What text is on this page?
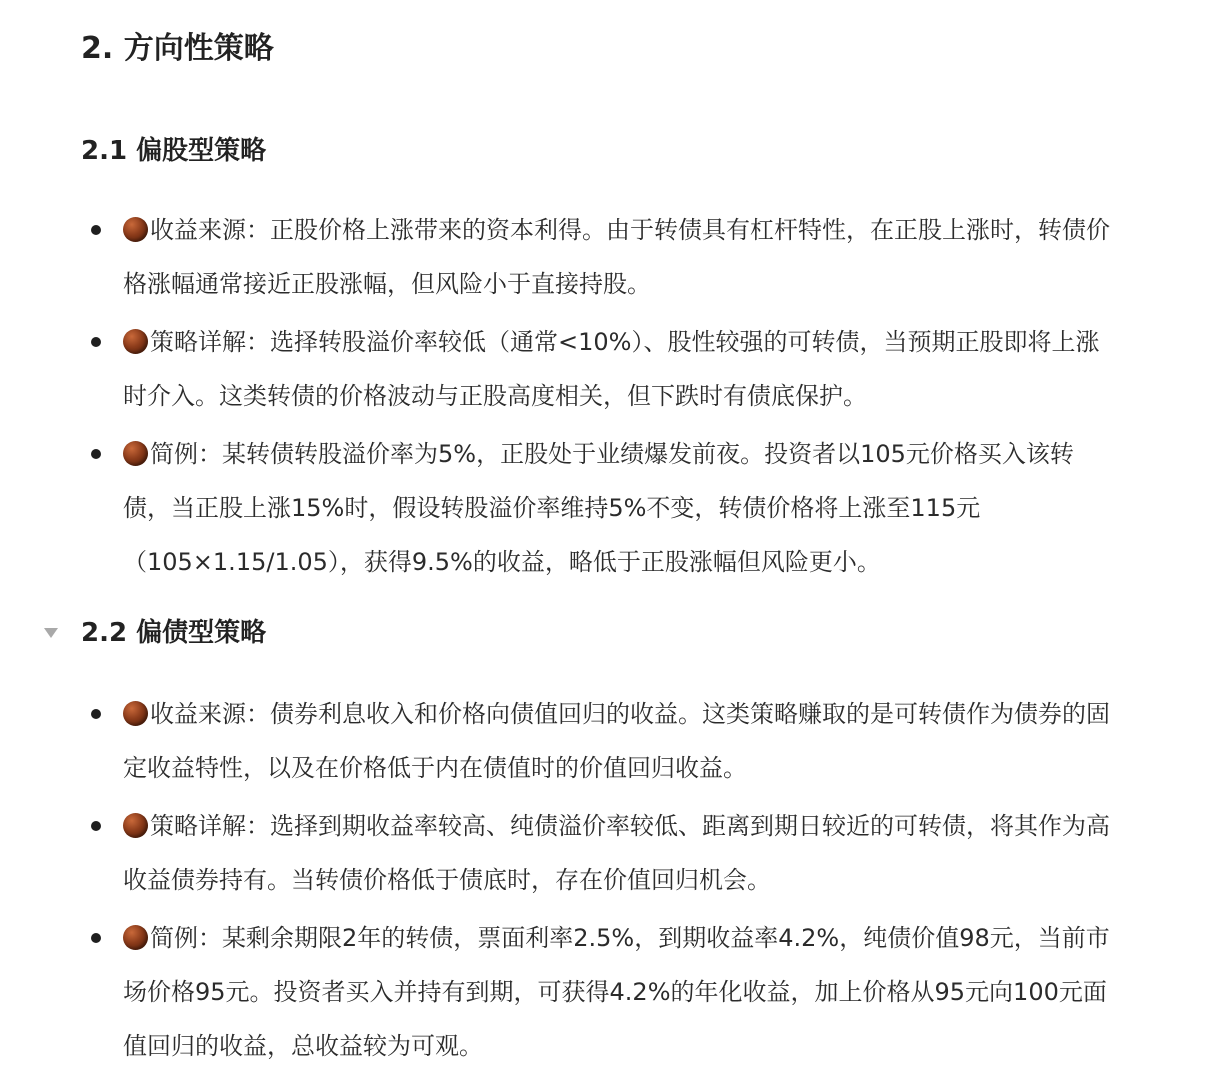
2. 方向性策略
2.1 偏股型策略
收益来源：正股价格上涨带来的资本利得。由于转债具有杠杆特性，在正股上涨时，转债价格涨幅通常接近正股涨幅，但风险小于直接持股。
策略详解：选择转股溢价率较低（通常<10%）、股性较强的可转债，当预期正股即将上涨时介入。这类转债的价格波动与正股高度相关，但下跌时有债底保护。
简例：某转债转股溢价率为5%，正股处于业绩爆发前夜。投资者以105元价格买入该转债，当正股上涨15%时，假设转股溢价率维持5%不变，转债价格将上涨至115元（105×1.15/1.05），获得9.5%的收益，略低于正股涨幅但风险更小。
2.2 偏债型策略
收益来源：债券利息收入和价格向债值回归的收益。这类策略赚取的是可转债作为债券的固定收益特性，以及在价格低于内在债值时的价值回归收益。
策略详解：选择到期收益率较高、纯债溢价率较低、距离到期日较近的可转债，将其作为高收益债券持有。当转债价格低于债底时，存在价值回归机会。
简例：某剩余期限2年的转债，票面利率2.5%，到期收益率4.2%，纯债价值98元，当前市场价格95元。投资者买入并持有到期，可获得4.2%的年化收益，加上价格从95元向100元面值回归的收益，总收益较为可观。
